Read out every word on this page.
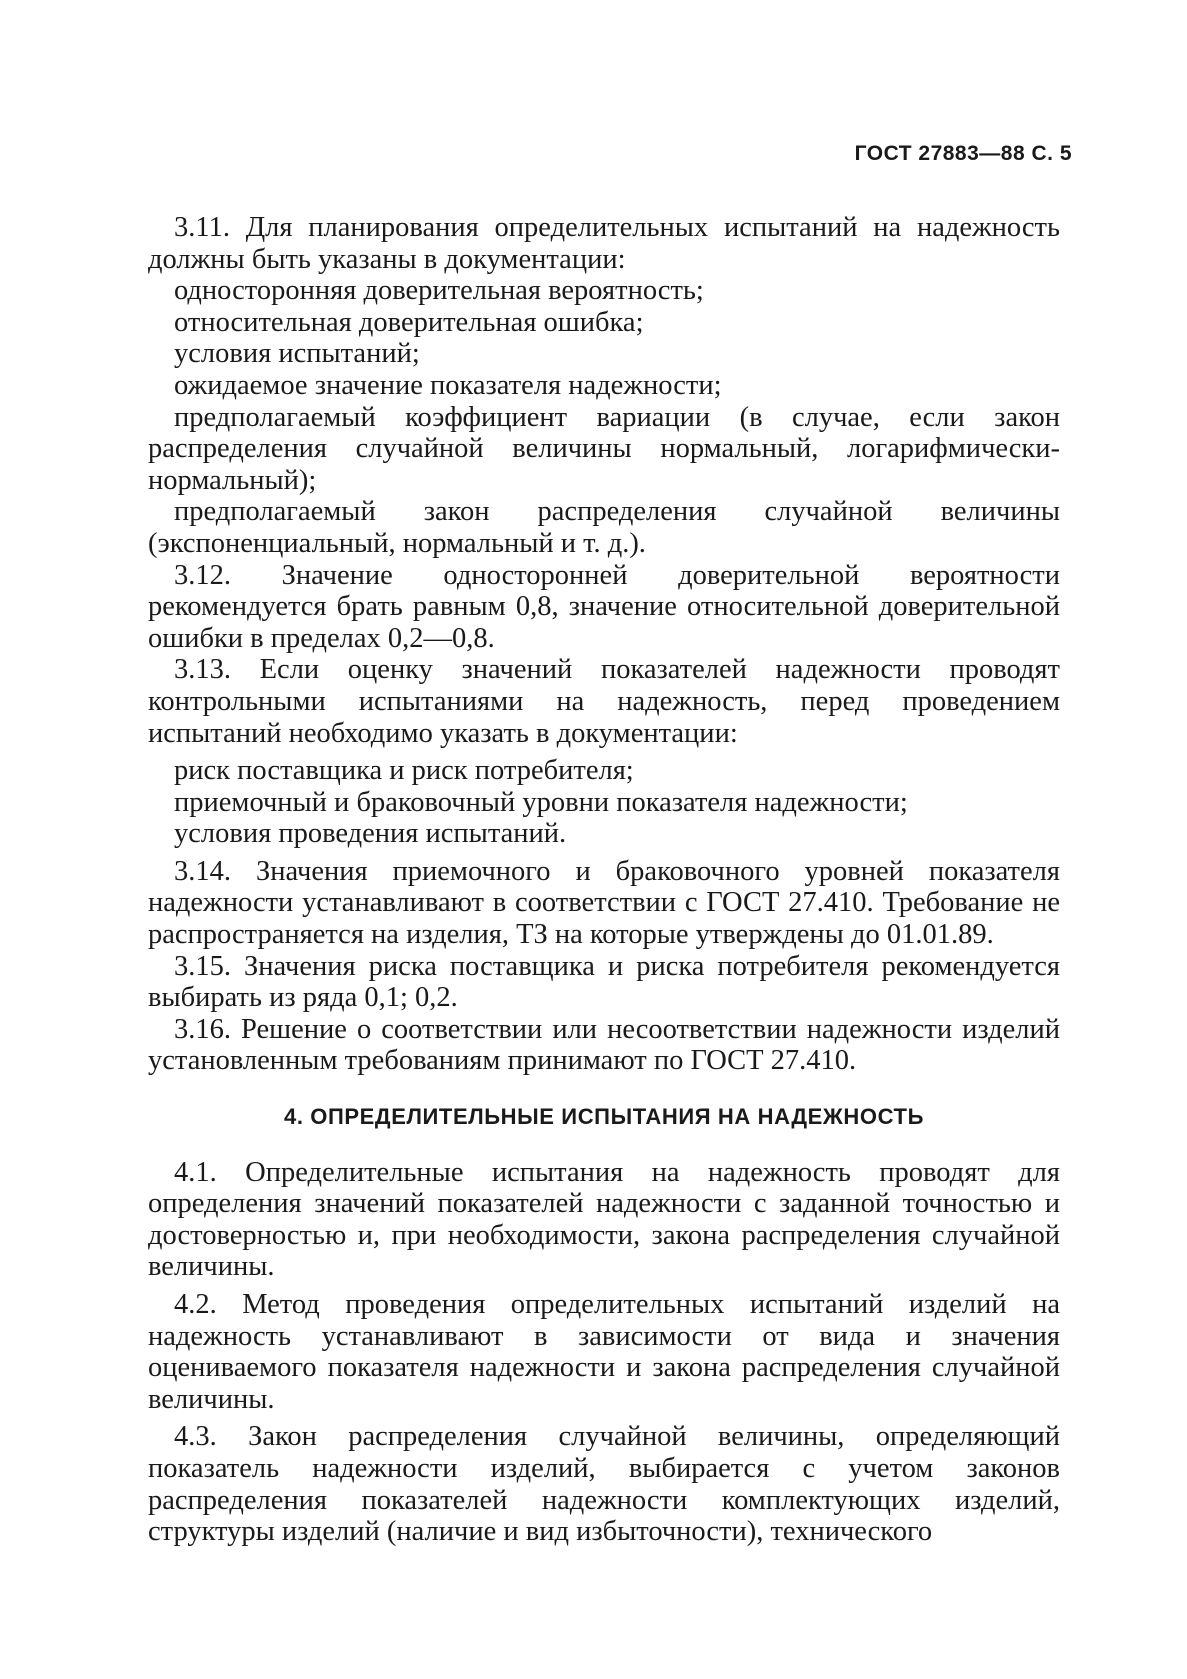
ГОСТ 27883—88 С. 5

3.11. Для планирования определительных испытаний на надежность должны быть указаны в документации:

односторонняя доверительная вероятность;

относительная доверительная ошибка;

условия испытаний;

ожидаемое значение показателя надежности;

предполагаемый коэффициент вариации (в случае, если закон распределения случайной величины нормальный, логарифмически-нормальный);

предполагаемый закон распределения случайной величины (экспоненциальный, нормальный и т. д.).

3.12. Значение односторонней доверительной вероятности рекомендуется брать равным 0,8, значение относительной доверительной ошибки в пределах 0,2—0,8.

3.13. Если оценку значений показателей надежности проводят контрольными испытаниями на надежность, перед проведением испытаний необходимо указать в документации:

риск поставщика и риск потребителя;

приемочный и браковочный уровни показателя надежности;

условия проведения испытаний.

3.14. Значения приемочного и браковочного уровней показателя надежности устанавливают в соответствии с ГОСТ 27.410. Требование не распространяется на изделия, ТЗ на которые утверждены до 01.01.89.

3.15. Значения риска поставщика и риска потребителя рекомендуется выбирать из ряда 0,1; 0,2.

3.16. Решение о соответствии или несоответствии надежности изделий установленным требованиям принимают по ГОСТ 27.410.

4. ОПРЕДЕЛИТЕЛЬНЫЕ ИСПЫТАНИЯ НА НАДЕЖНОСТЬ

4.1. Определительные испытания на надежность проводят для определения значений показателей надежности с заданной точностью и достоверностью и, при необходимости, закона распределения случайной величины.

4.2. Метод проведения определительных испытаний изделий на надежность устанавливают в зависимости от вида и значения оцениваемого показателя надежности и закона распределения случайной величины.

4.3. Закон распределения случайной величины, определяющий показатель надежности изделий, выбирается с учетом законов распределения показателей надежности комплектующих изделий, структуры изделий (наличие и вид избыточности), технического
